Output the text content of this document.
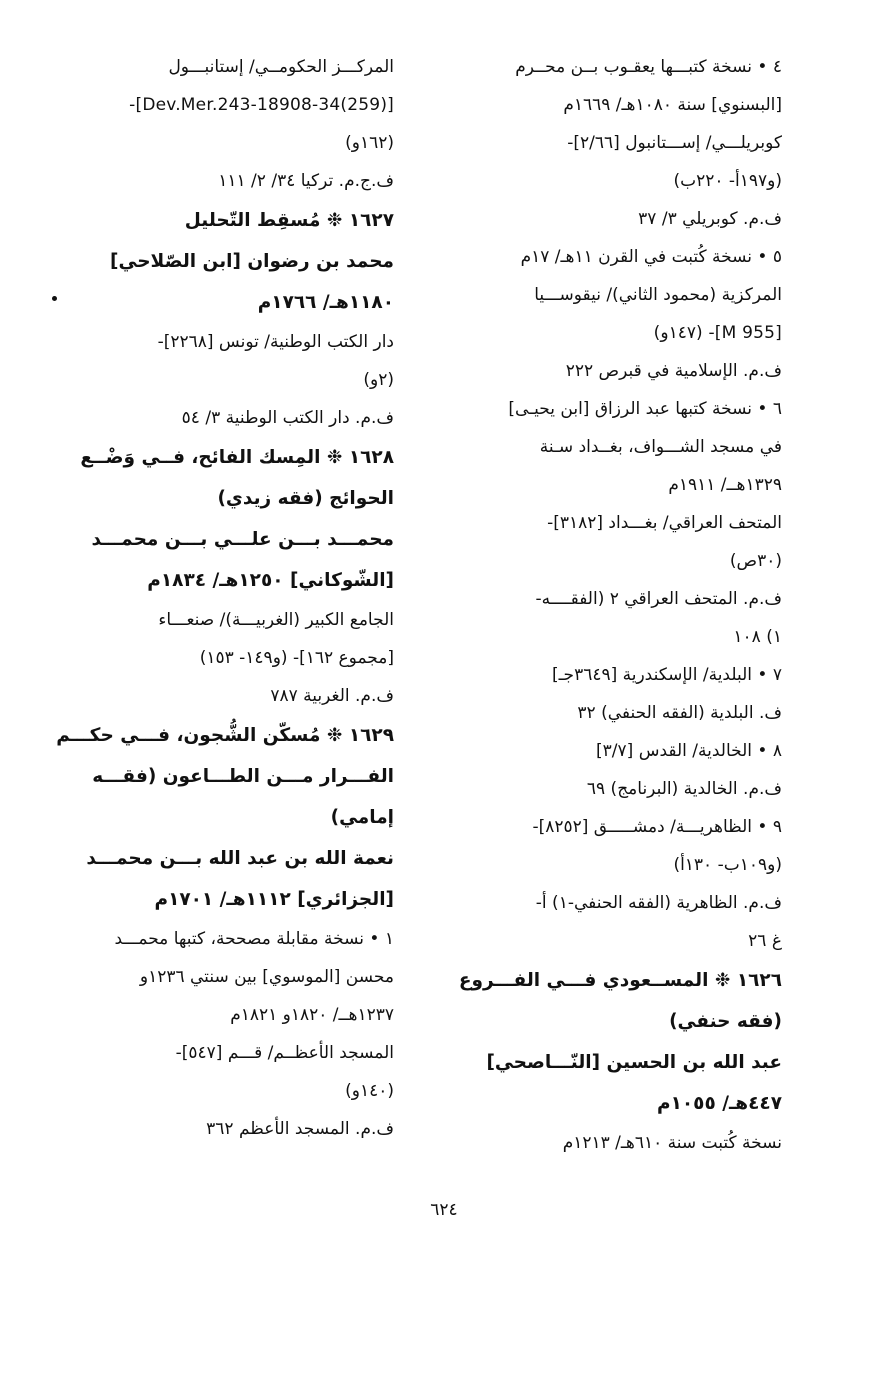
٤ • نسخة كتبـــها يعقـوب بــن محــرم
[البسنوي] سنة ١٠٨٠هـ/ ١٦٦٩م
كوبريلـــي/ إســـتانبول [٢/٦٦]-
(و١٩٧أ- ٢٢٠ب)
ف.م. كوبريلي ٣/ ٣٧
٥ • نسخة كُتبت في القرن ١١هـ/ ١٧م
المركزية (محمود الثاني)/ نيقوســـيا
[M 955]- (١٤٧و)
ف.م. الإسلامية في قبرص ٢٢٢
٦ • نسخة كتبها عبد الرزاق [ابن يحيـى]
في مسجد الشـــواف، بغــداد سـنة
١٣٢٩هــ/ ١٩١١م
المتحف العراقي/ بغـــداد [٣١٨٢]-
(٣٠ص)
ف.م. المتحف العراقي ٢ (الفقــــه-
١) ١٠٨
٧ • البلدية/ الإسكندرية [٣٦٤٩جـ]
ف. البلدية (الفقه الحنفي) ٣٢
٨ • الخالدية/ القدس [٣/٧]
ف.م. الخالدية (البرنامج) ٦٩
٩ • الظاهريـــة/ دمشـــــق [٨٢٥٢]-
(و١٠٩ب- ١٣٠أ)
ف.م. الظاهرية (الفقه الحنفي-١) أ-
غ ٢٦
١٦٢٦ ❉ المســعودي فـــي الفـــروع
(فقه حنفي)
عبد الله بن الحسين [النّـــاصحي]
٤٤٧هـ/ ١٠٥٥م
نسخة كُتبت سنة ٦١٠هـ/ ١٢١٣م
المركـــز الحكومــي/ إستانبـــول
[(259)34-Dev.Mer.243-18908]-
(١٦٢و)
ف.ج.م. تركيا ٣٤/ ٢/ ١١١
١٦٢٧ ❉ مُسقِط التّحليل
محمد بن رضوان [ابن الصّلاحي]
١١٨٠هـ/ ١٧٦٦م
دار الكتب الوطنية/ تونس [٢٢٦٨]-
(٢و)
ف.م. دار الكتب الوطنية ٣/ ٥٤
١٦٢٨ ❉ المِسك الفائح، فــي وَضْــع
الحوائج (فقه زيدي)
محمـــد بـــن علـــي بـــن محمـــد
[الشّوكاني] ١٢٥٠هـ/ ١٨٣٤م
الجامع الكبير (الغربيـــة)/ صنعـــاء
[مجموع ١٦٢]- (و١٤٩- ١٥٣)
ف.م. الغربية ٧٨٧
١٦٢٩ ❉ مُسكّن الشُّجون، فـــي حكـــم
الفـــرار مـــن الطـــاعون (فقـــه
إمامي)
نعمة الله بن عبد الله بـــن محمـــد
[الجزائري] ١١١٢هـ/ ١٧٠١م
١ • نسخة مقابلة مصححة، كتبها محمـــد
محسن [الموسوي] بين سنتي ١٢٣٦و
١٢٣٧هــ/ ١٨٢٠و ١٨٢١م
المسجد الأعظــم/ قـــم [٥٤٧]-
(١٤٠و)
ف.م. المسجد الأعظم ٣٦٢
٦٢٤
